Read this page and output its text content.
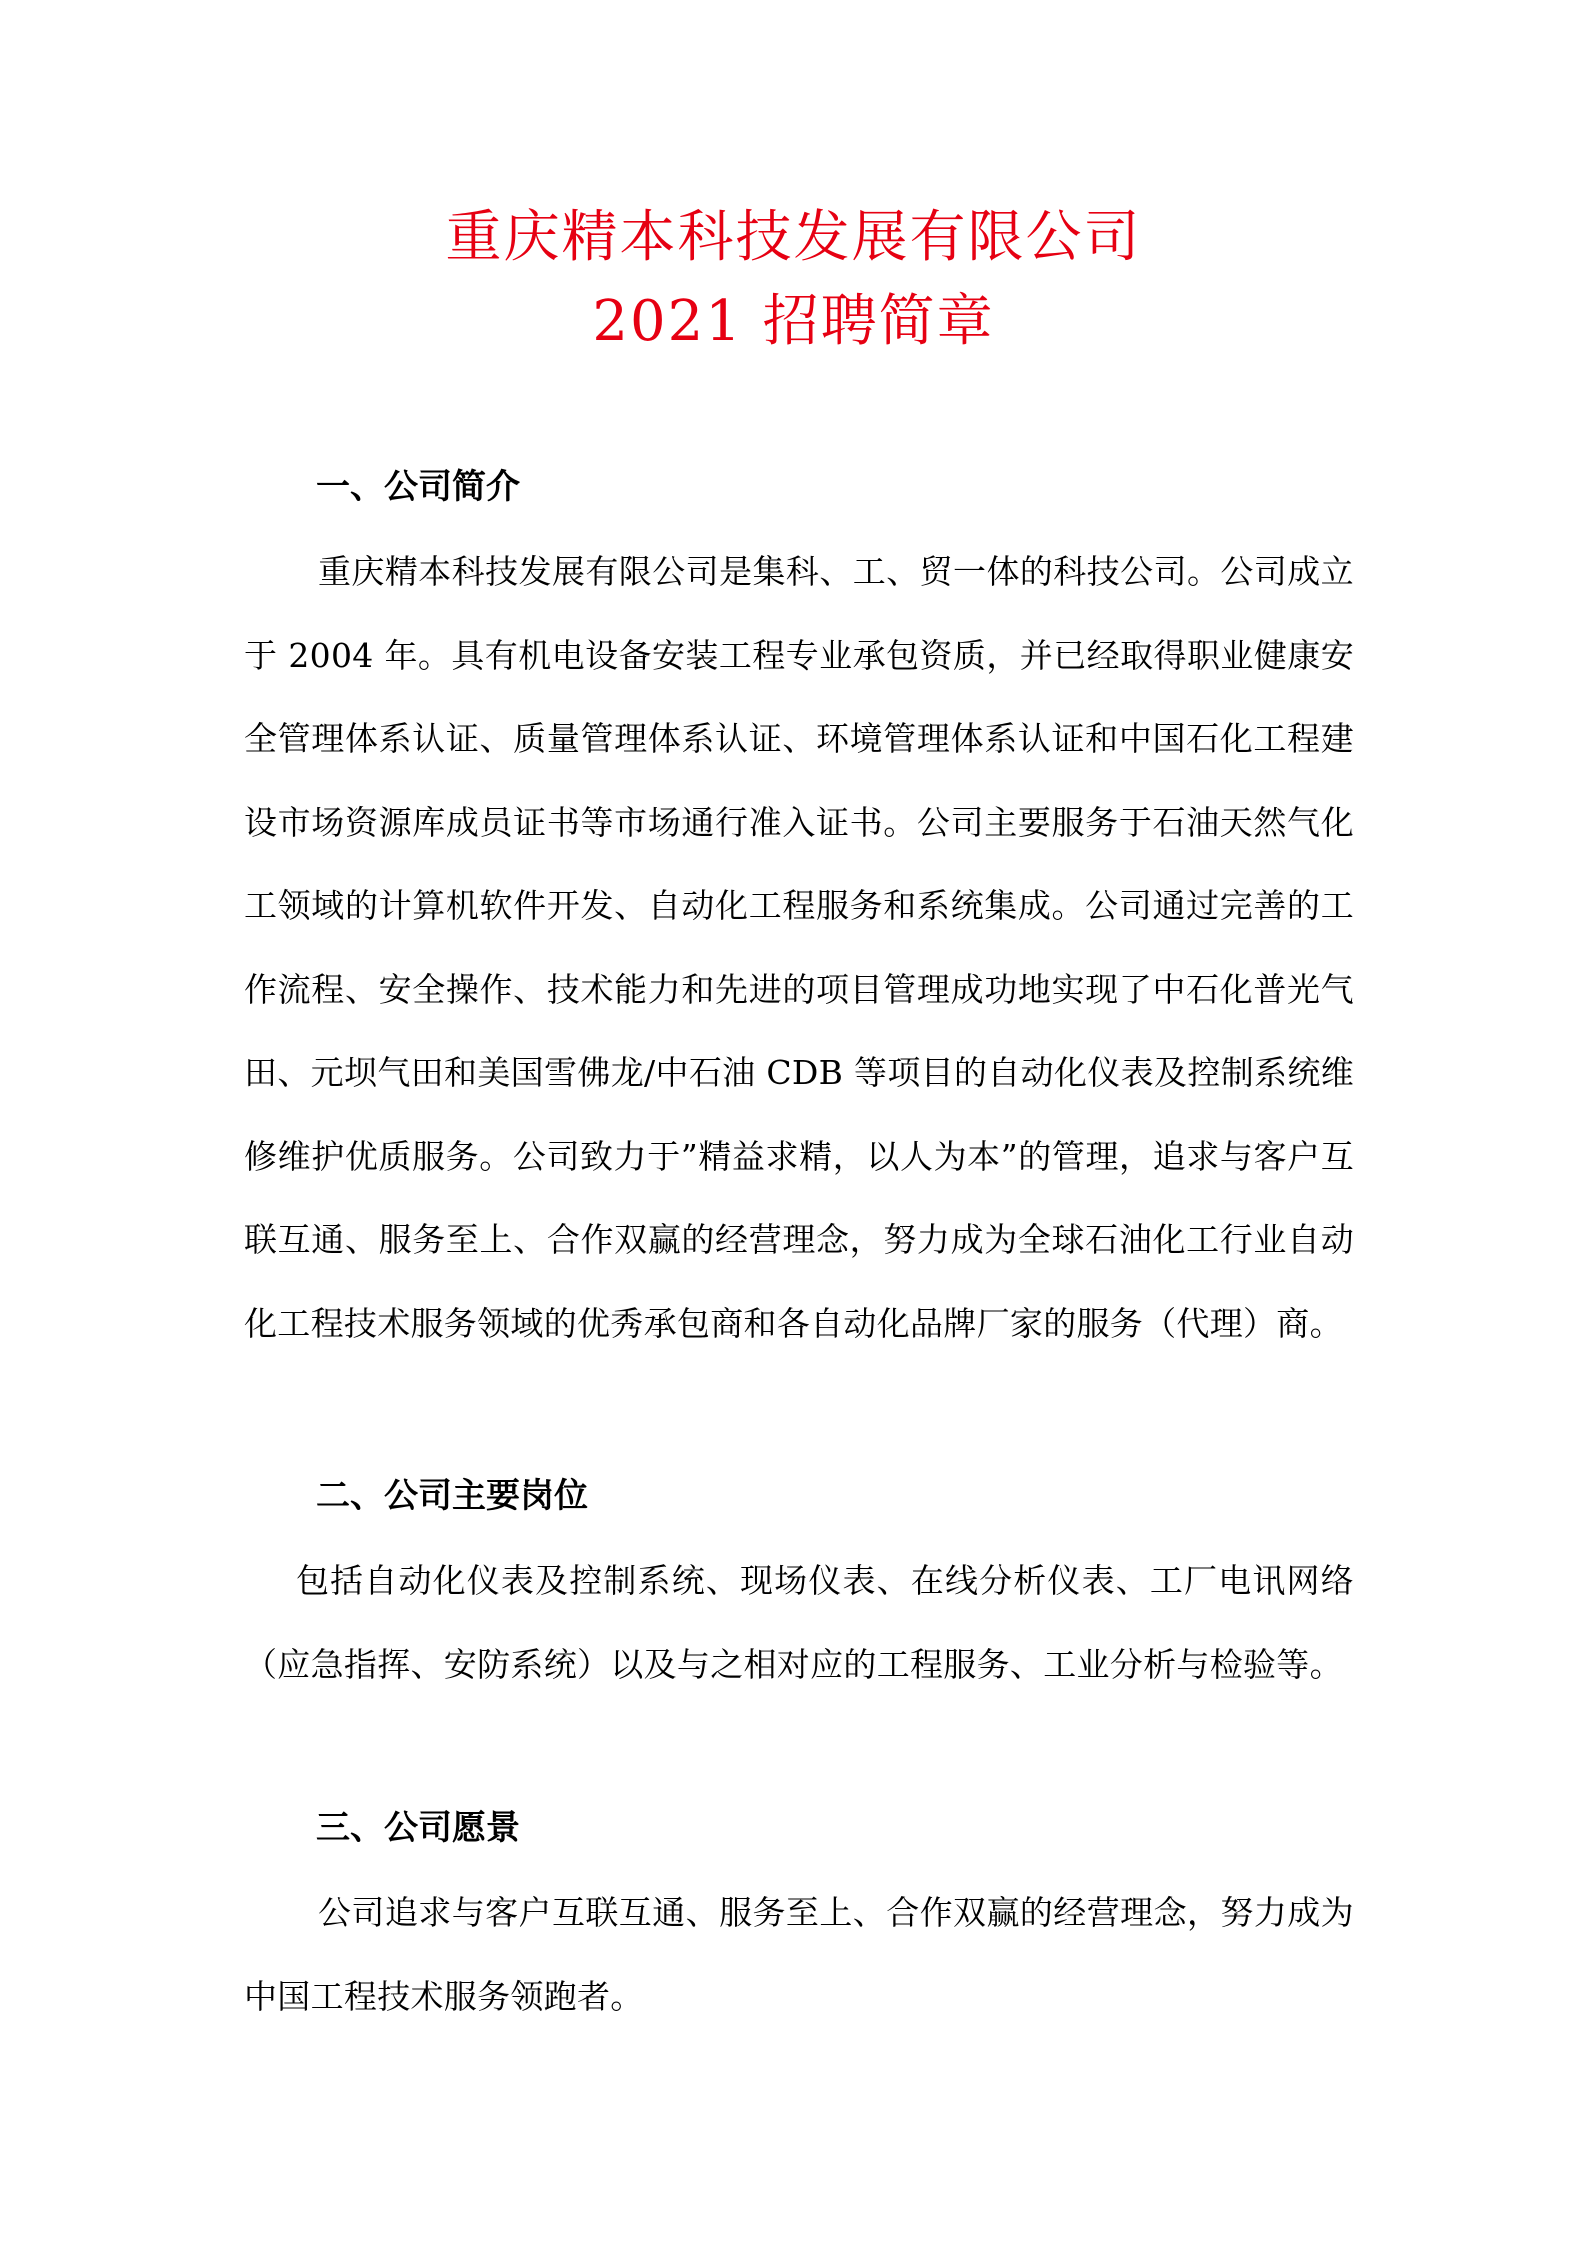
重庆精本科技发展有限公司
2021 招聘简章
一、公司简介

重庆精本科技发展有限公司是集科、工、贸一体的科技公司。公司成立于 2004 年。具有机电设备安装工程专业承包资质，并已经取得职业健康安全管理体系认证、质量管理体系认证、环境管理体系认证和中国石化工程建设市场资源库成员证书等市场通行准入证书。公司主要服务于石油天然气化工领域的计算机软件开发、自动化工程服务和系统集成。公司通过完善的工作流程、安全操作、技术能力和先进的项目管理成功地实现了中石化普光气田、元坝气田和美国雪佛龙/中石油 CDB 等项目的自动化仪表及控制系统维修维护优质服务。公司致力于”精益求精，以人为本”的管理，追求与客户互联互通、服务至上、合作双赢的经营理念，努力成为全球石油化工行业自动化工程技术服务领域的优秀承包商和各自动化品牌厂家的服务（代理）商。

二、公司主要岗位

包括自动化仪表及控制系统、现场仪表、在线分析仪表、工厂电讯网络（应急指挥、安防系统）以及与之相对应的工程服务、工业分析与检验等。

三、公司愿景

公司追求与客户互联互通、服务至上、合作双赢的经营理念，努力成为中国工程技术服务领跑者。
